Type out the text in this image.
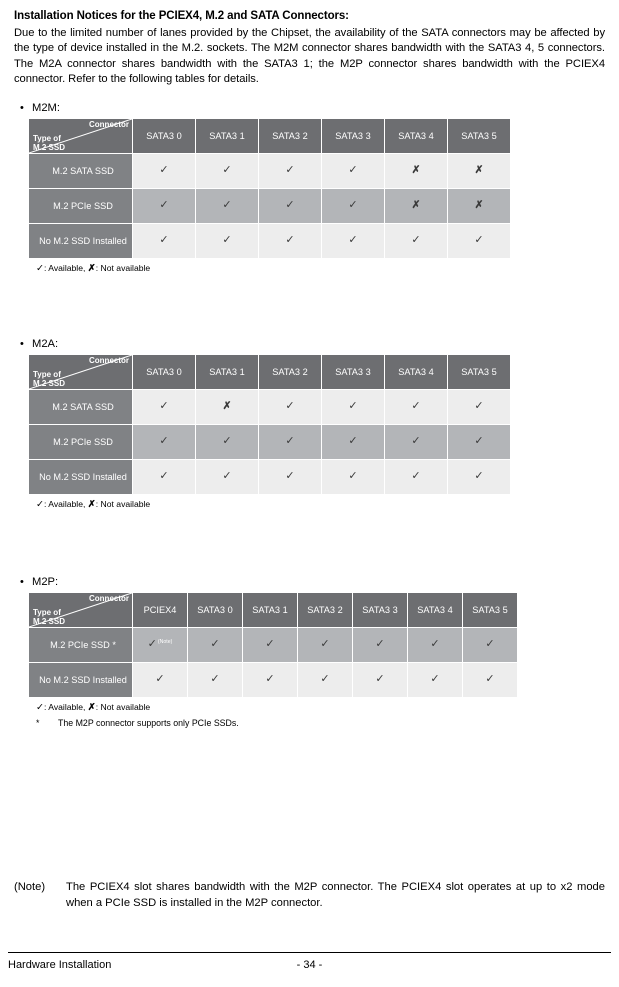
Installation Notices for the PCIEX4, M.2 and SATA Connectors:

Due to the limited number of lanes provided by the Chipset, the availability of the SATA connectors may be affected by the type of device installed in the M.2. sockets. The M2M connector shares bandwidth with the SATA3 4, 5 connectors. The M2A connector shares bandwidth with the SATA3 1; the M2P connector shares bandwidth with the PCIEX4 connector. Refer to the following tables for details.

• M2M:
Connector
Type of
M.2 SSD	SATA3 0	SATA3 1	SATA3 2	SATA3 3	SATA3 4	SATA3 5
M.2 SATA SSD	✓	✓	✓	✓	✗	✗
M.2 PCIe SSD	✓	✓	✓	✓	✗	✗
No M.2 SSD Installed	✓	✓	✓	✓	✓	✓
✓: Available, ✗: Not available
• M2A:
Connector
Type of
M.2 SSD	SATA3 0	SATA3 1	SATA3 2	SATA3 3	SATA3 4	SATA3 5
M.2 SATA SSD	✓	✗	✓	✓	✓	✓
M.2 PCIe SSD	✓	✓	✓	✓	✓	✓
No M.2 SSD Installed	✓	✓	✓	✓	✓	✓
✓: Available, ✗: Not available
• M2P:
Connector
Type of
M.2 SSD	PCIEX4	SATA3 0	SATA3 1	SATA3 2	SATA3 3	SATA3 4	SATA3 5
M.2 PCIe SSD *	✓$^{(Note)}$	✓	✓	✓	✓	✓	✓
No M.2 SSD Installed	✓	✓	✓	✓	✓	✓	✓
✓: Available, ✗: Not available
* The M2P connector supports only PCIe SSDs.
(Note) The PCIEX4 slot shares bandwidth with the M2P connector. The PCIEX4 slot operates at up to x2 mode when a PCIe SSD is installed in the M2P connector.
- 34 -
Hardware Installation
